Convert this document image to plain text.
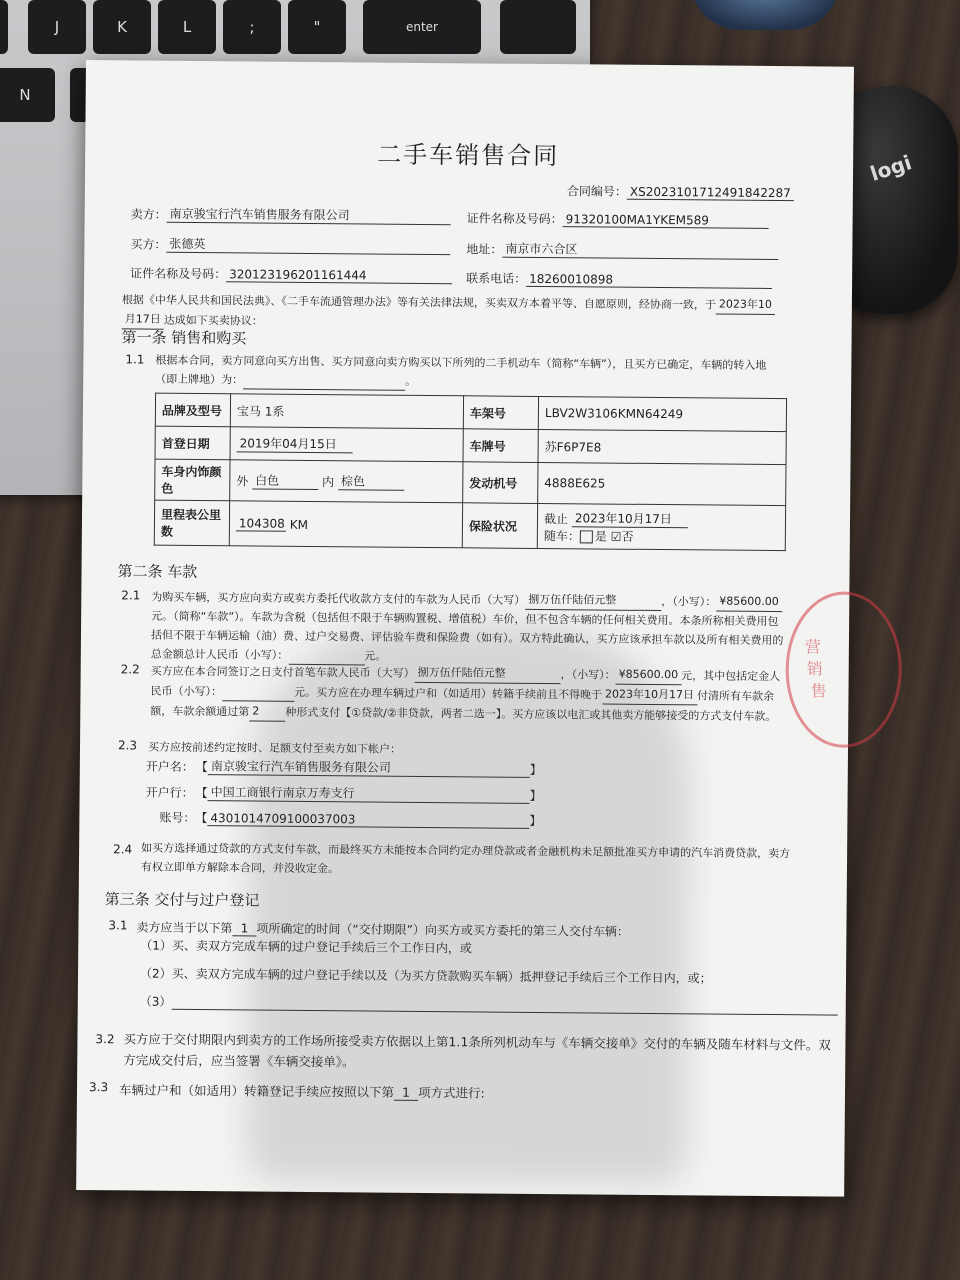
J	K	L	;	"	enter
N
logi
二手车销售合同
合同编号： XS20231017124918422​87
卖方： 南京骏宝行汽车销售服务有限公司	证件名称及号码： 91320100MA1YKEM589
买方： 张德英	地址： 南京市六合区
证件名称及号码： 320123196201161444	联系电话： 18260010898
根据《中华人民共和国民法典》、《二手车流通管理办法》等有关法律法规，买卖双方本着平等、自愿原则，经协商一致，于 2023年10月17日 达成如下买卖协议：
第一条 销售和购买
1.1 根据本合同，卖方同意向买方出售、买方同意向卖方购买以下所列的二手机动车（简称“车辆”），且买方已确定，车辆的转入地（即上牌地）为：	。
品牌及型号	宝马 1系	车架号	LBV2W3106KMN64249
首登日期	2019年04月15日	车牌号	苏F6P7E8
车身内饰颜色	外 白色 内 棕色	发动机号	4888E625
里程表公里数	104308 KM	保险状况	截止 2023年10月17日
随车： 是 ☑否
第二条 车款
2.1 为购买车辆，买方应向卖方或卖方委托代收款方支付的车款为人民币（大写） 捌万伍仟陆佰元整	，（小写）： ¥85600.00元。（简称“车款”）。车款为含税（包括但不限于车辆购置税、增值税）车价，但不包含车辆的任何相关费用。本条所称相关费用包括但不限于车辆运输（油）费、过户交易费、评估验车费和保险费（如有）。双方特此确认，买方应该承担车款以及所有相关费用的总金额总计人民币（小写）：	元。
2.2 买方应在本合同签订之日支付首笔车款人民币（大写） 捌万伍仟陆佰元整	，（小写）： ¥85600.00 元，其中包括定金人民币（小写）：	元。买方应在办理车辆过户和（如适用）转籍手续前且不得晚于 2023年10月17日 付清所有车款余额，车款余额通过第 2 种形式支付【①贷款/②非贷款，两者二选一】。买方应该以电汇或其他卖方能够接受的方式支付车款。
2.3 买方应按前述约定按时、足额支付至卖方如下帐户：
开户名： 【 南京骏宝行汽车销售服务有限公司	】
开户行： 【 中国工商银行南京万寿支行	】
账号：【 4301014709100037003	】
2.4 如买方选择通过贷款的方式支付车款，而最终买方未能按本合同约定办理贷款或者金融机构未足额批准买方申请的汽车消费贷款，卖方有权立即单方解除本合同，并没收定金。
第三条 交付与过户登记
3.1 卖方应当于以下第 1 项所确定的时间（“交付期限”）向买方或买方委托的第三人交付车辆：
（1）买、卖双方完成车辆的过户登记手续后三个工作日内，或
（2）买、卖双方完成车辆的过户登记手续以及（为买方贷款购买车辆）抵押登记手续后三个工作日内，或；
（3）
3.2 买方应于交付期限内到卖方的工作场所接受卖方依据以上第1.1条所列机动车与《车辆交接单》交付的车辆及随车材料与文件。双方完成交付后，应当签署《车辆交接单》。
3.3 车辆过户和（如适用）转籍登记手续应按照以下第 1 项方式进行:
营
销
售
